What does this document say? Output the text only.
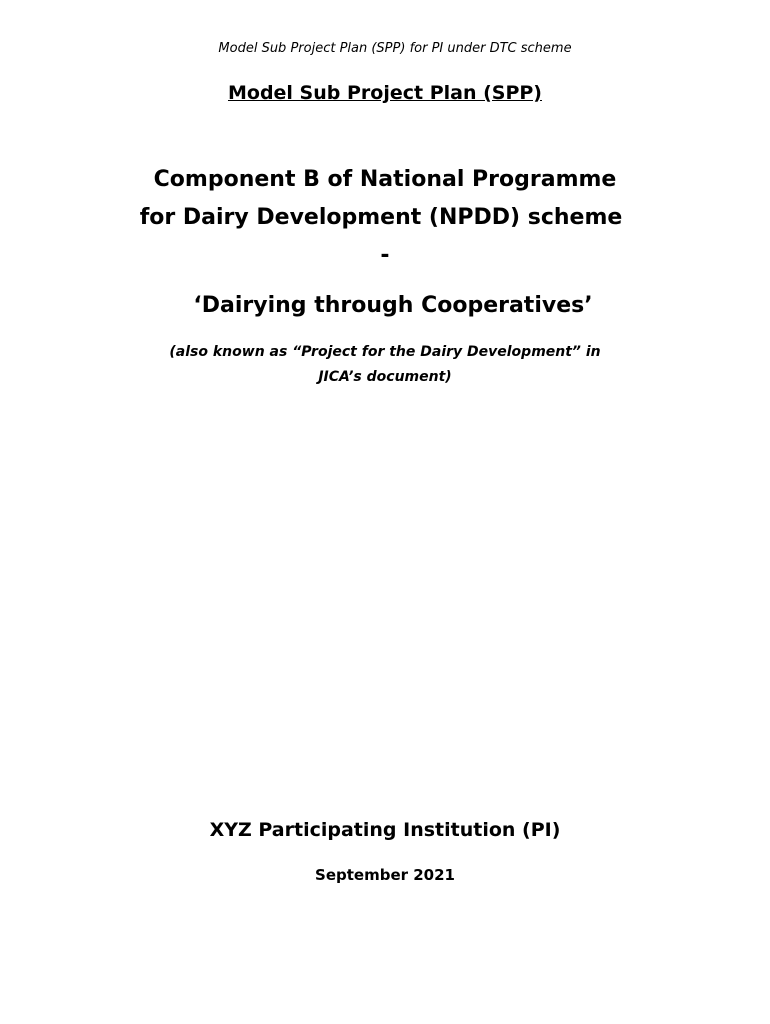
Model Sub Project Plan (SPP) for PI under DTC scheme
Model Sub Project Plan (SPP)
Component B of National Programme
for Dairy Development (NPDD) scheme
-
‘Dairying through Cooperatives’
(also known as “Project for the Dairy Development” in
JICA’s document)
XYZ Participating Institution (PI)
September 2021
